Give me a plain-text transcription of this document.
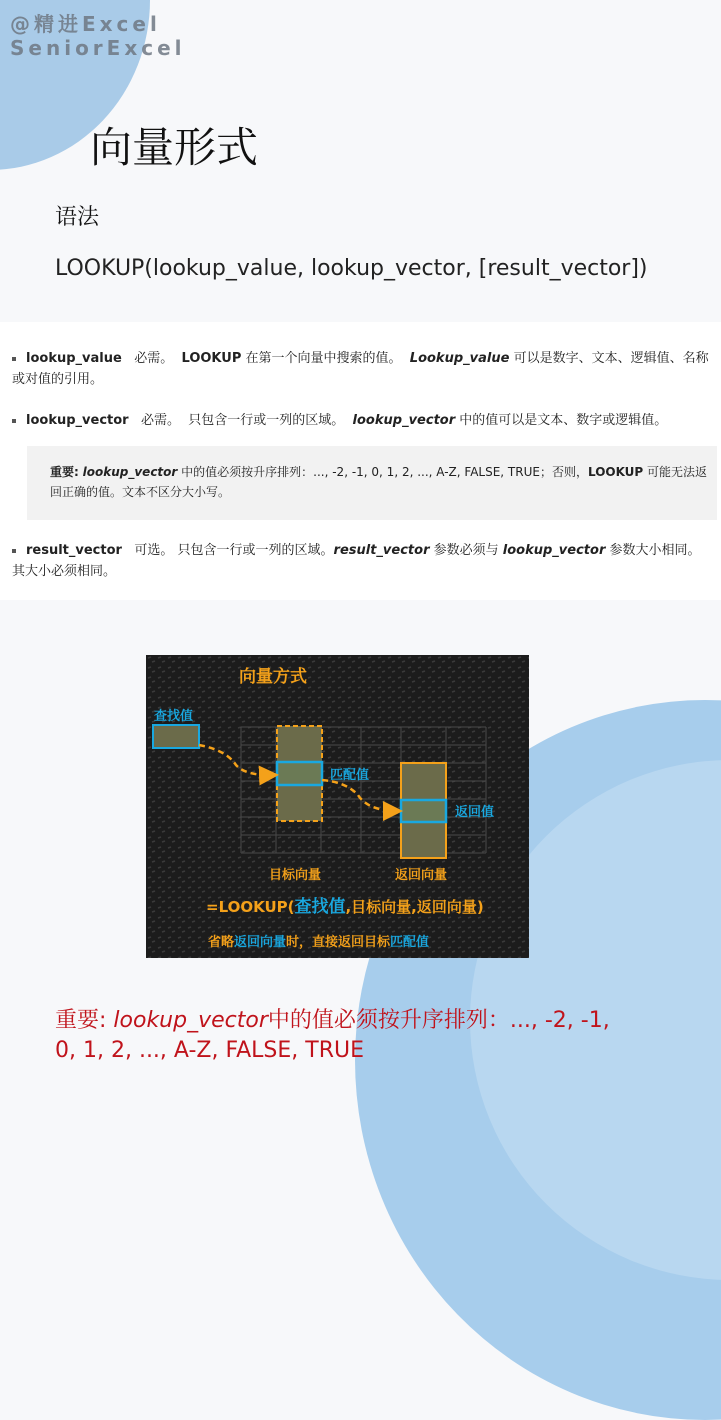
@精进Excel
SeniorExcel
向量形式
语法
LOOKUP(lookup_value, lookup_vector, [result_vector])
lookup_value 必需。 LOOKUP 在第一个向量中搜索的值。 Lookup_value 可以是数字、文本、逻辑值、名称或对值的引用。
lookup_vector 必需。 只包含一行或一列的区域。 lookup_vector 中的值可以是文本、数字或逻辑值。
重要: lookup_vector 中的值必须按升序排列：..., -2, -1, 0, 1, 2, ..., A-Z, FALSE, TRUE；否则，LOOKUP 可能无法返回正确的值。文本不区分大小写。
result_vector 可选。 只包含一行或一列的区域。result_vector 参数必须与 lookup_vector 参数大小相同。其大小必须相同。
向量方式
查找值
匹配值
返回值
目标向量	返回向量
=LOOKUP(查找值,目标向量,返回向量)
省略返回向量时，直接返回目标匹配值
重要: lookup_vector中的值必须按升序排列：..., -2, -1, 0, 1, 2, ..., A-Z, FALSE, TRUE
